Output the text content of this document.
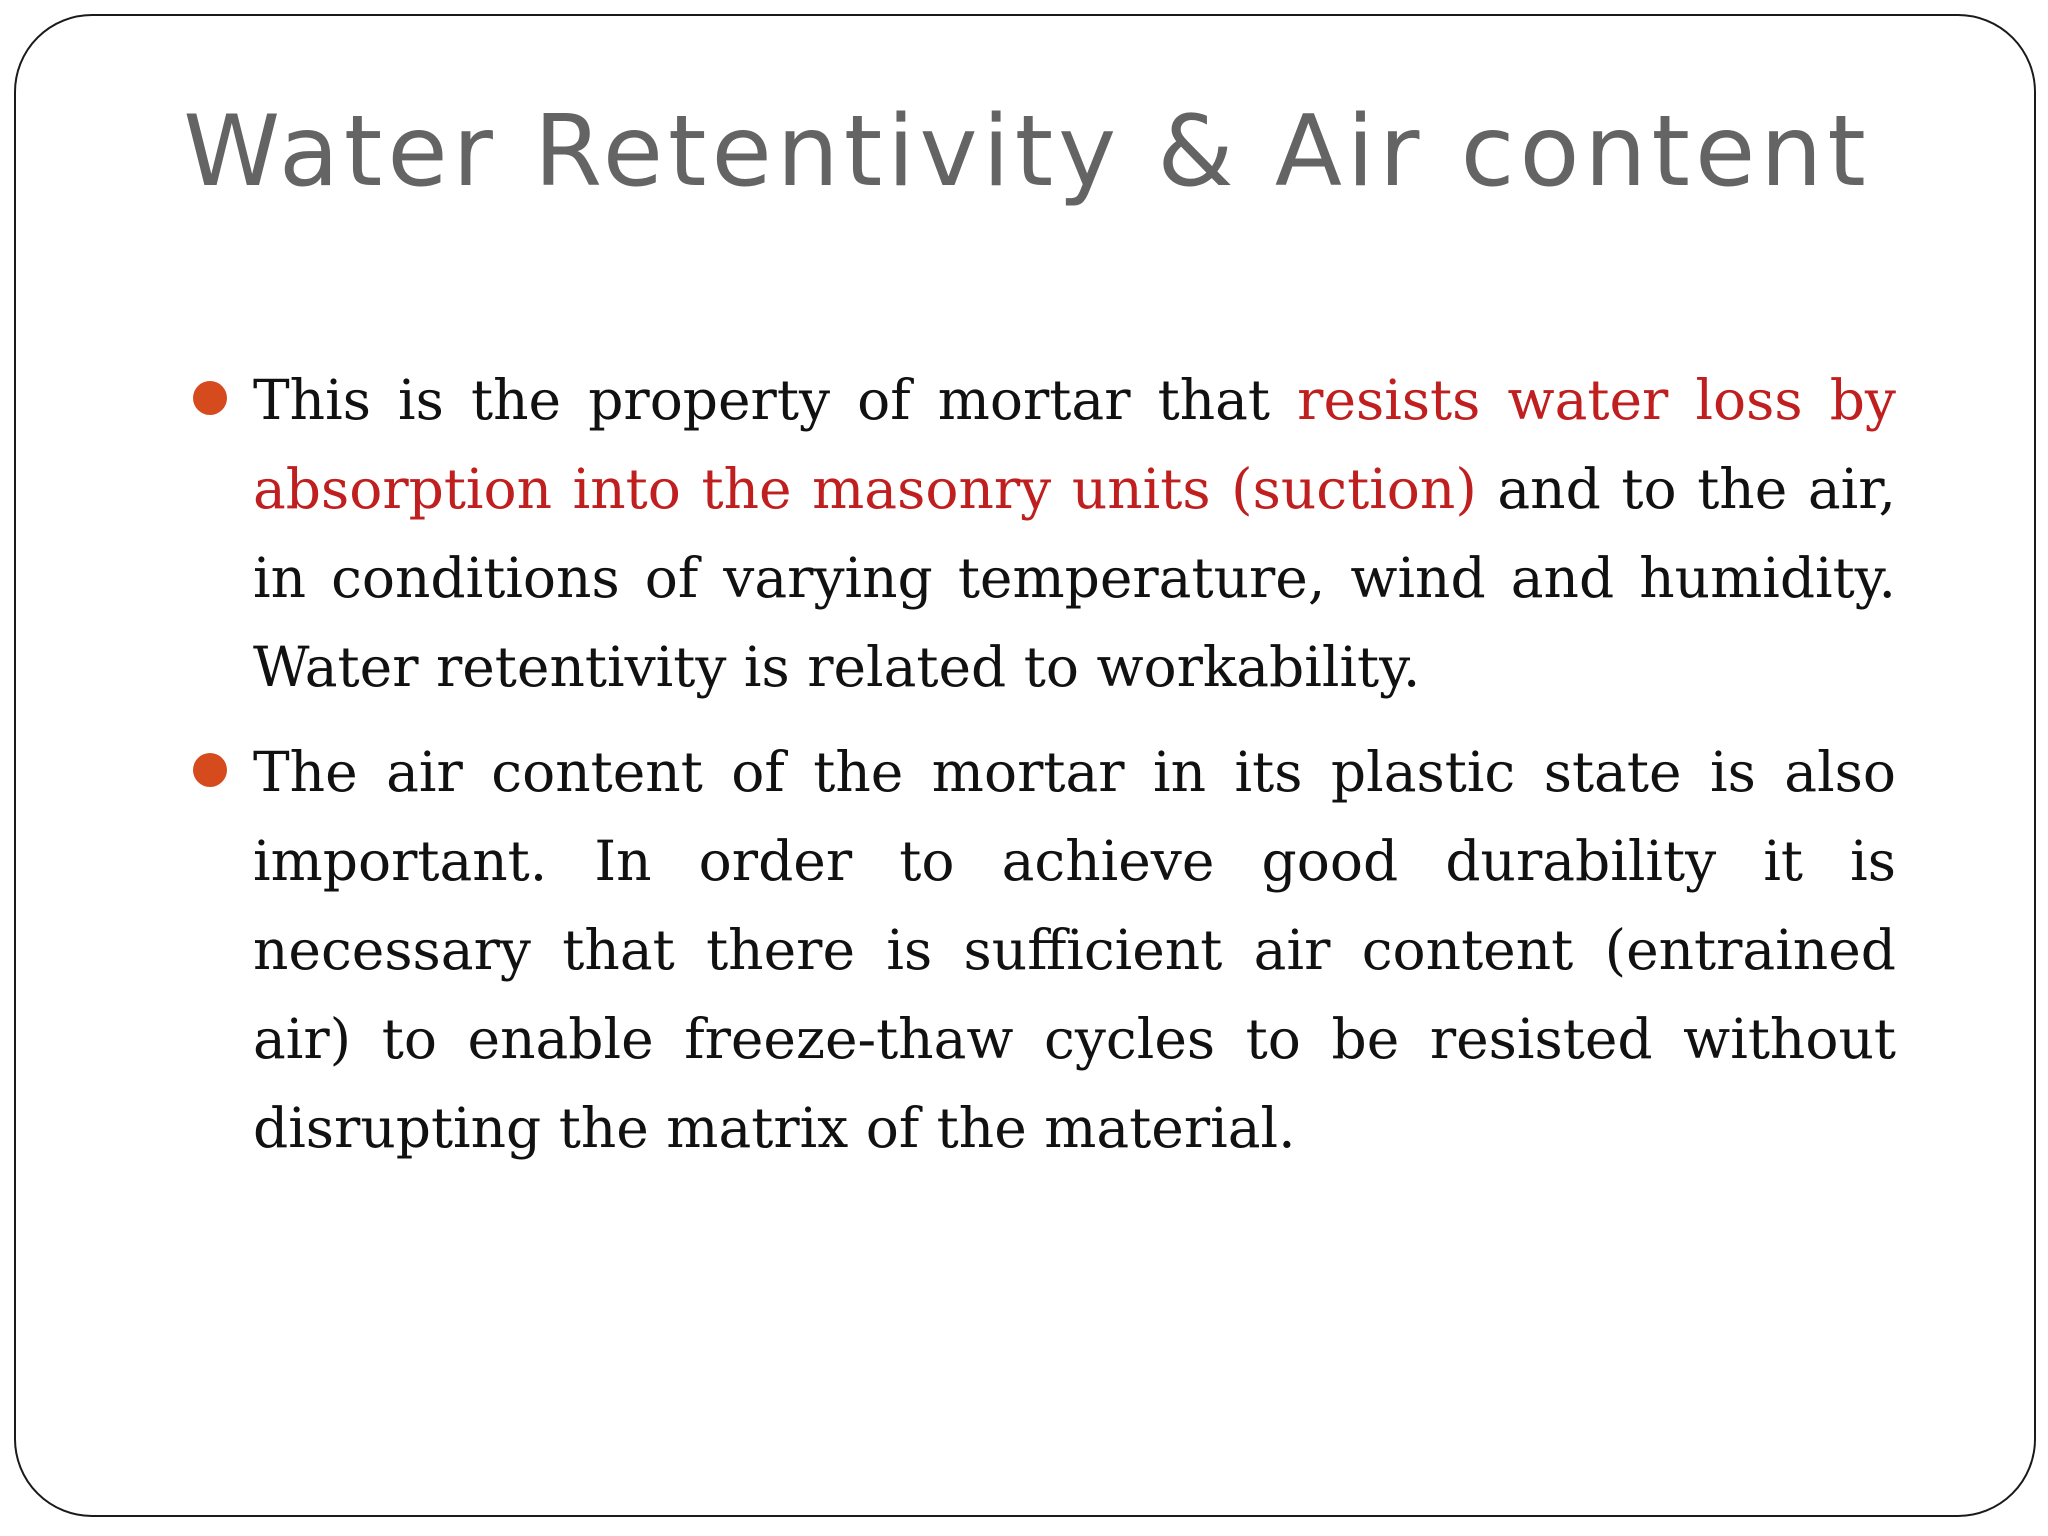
Water Retentivity & Air content
This is the property of mortar that resists water loss by absorption into the masonry units (suction) and to the air, in conditions of varying temperature, wind and humidity. Water retentivity is related to workability.
The air content of the mortar in its plastic state is also important. In order to achieve good durability it is necessary that there is sufficient air content (entrained air) to enable freeze-thaw cycles to be resisted without disrupting the matrix of the material.
